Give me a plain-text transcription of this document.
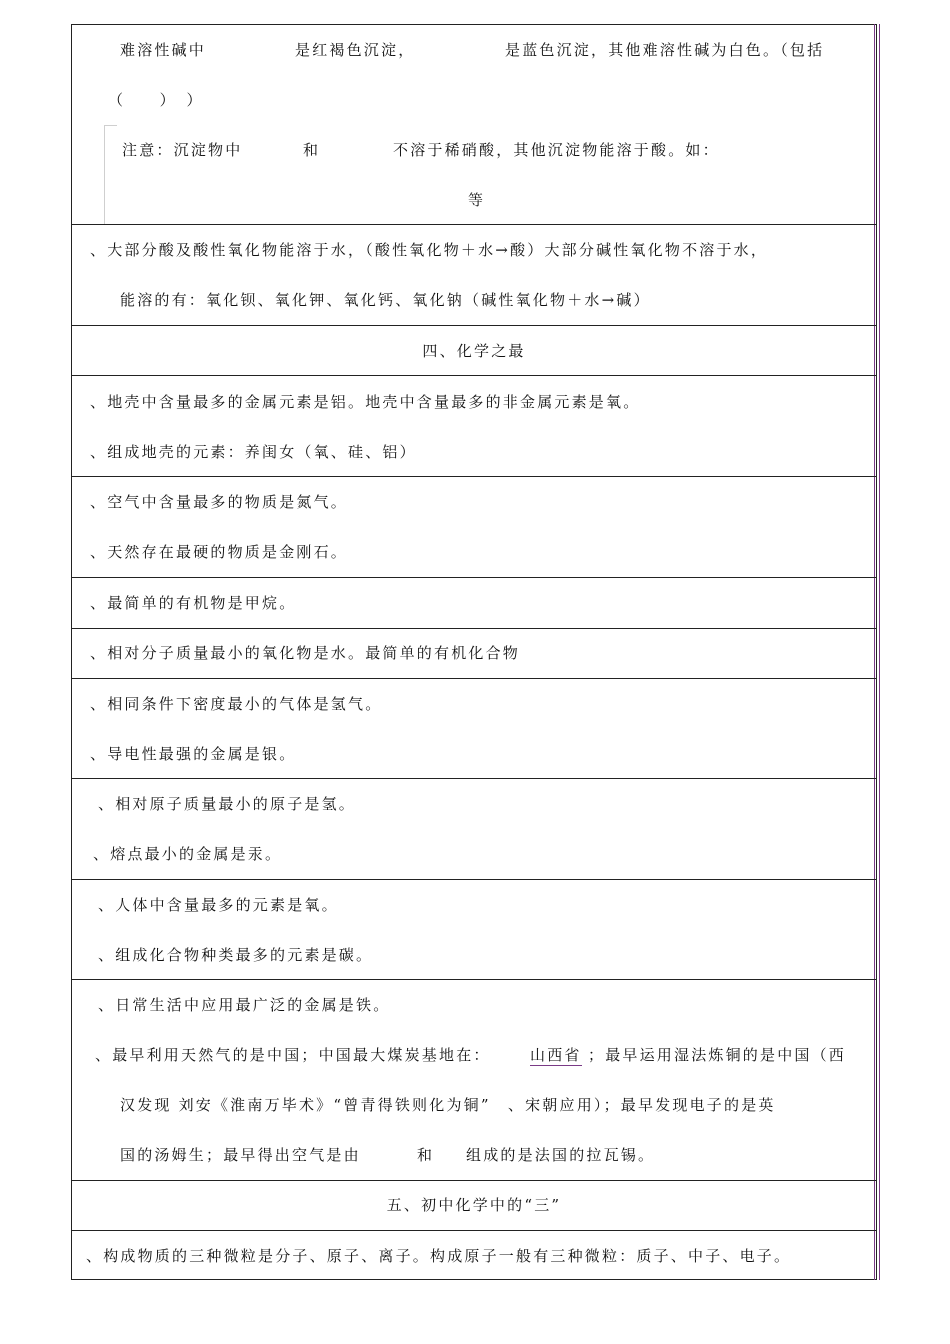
难溶性碱中	是红褐色沉淀，	是蓝色沉淀，其他难溶性碱为白色。（包括
（　　）　）
注意：沉淀物中	和	不溶于稀硝酸，其他沉淀物能溶于酸。如：
等
、大部分酸及酸性氧化物能溶于水，（酸性氧化物＋水→酸）大部分碱性氧化物不溶于水，
能溶的有：氧化钡、氧化钾、氧化钙、氧化钠（碱性氧化物＋水→碱）
四、化学之最
、地壳中含量最多的金属元素是铝。地壳中含量最多的非金属元素是氧。
、组成地壳的元素：养闺女（氧、硅、铝）
、空气中含量最多的物质是氮气。
、天然存在最硬的物质是金刚石。
、最简单的有机物是甲烷。
、相对分子质量最小的氧化物是水。最简单的有机化合物
、相同条件下密度最小的气体是氢气。
、导电性最强的金属是银。
、相对原子质量最小的原子是氢。
、熔点最小的金属是汞。
、人体中含量最多的元素是氧。
、组成化合物种类最多的元素是碳。
、日常生活中应用最广泛的金属是铁。
、最早利用天然气的是中国；中国最大煤炭基地在：	山西省 ；最早运用湿法炼铜的是中国（西
汉发现 刘安《淮南万毕术》“曾青得铁则化为铜”　、宋朝应用）；最早发现电子的是英
国的汤姆生；最早得出空气是由	和 组成的是法国的拉瓦锡。
五、初中化学中的“三”
、构成物质的三种微粒是分子、原子、离子。构成原子一般有三种微粒：质子、中子、电子。
